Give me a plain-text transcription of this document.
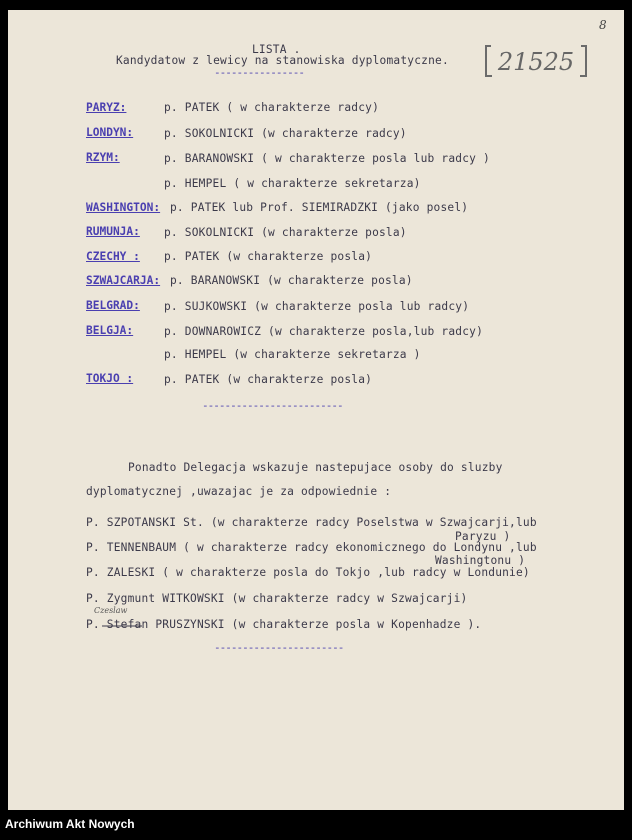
8
21525
LISTA .
Kandydatow z lewicy na stanowiska dyplomatyczne.
----------------
PARYZ:	p. PATEK ( w charakterze radcy)
LONDYN:	p. SOKOLNICKI (w charakterze radcy)
RZYM:	p. BARANOWSKI ( w charakterze posla lub radcy )
p. HEMPEL ( w charakterze sekretarza)
WASHINGTON: p. PATEK lub Prof. SIEMIRADZKI (jako posel)
RUMUNJA: p. SOKOLNICKI (w charakterze posla)
CZECHY : p. PATEK (w charakterze posla)
SZWAJCARJA: p. BARANOWSKI (w charakterze posla)
BELGRAD: p. SUJKOWSKI (w charakterze posla lub radcy)
BELGJA:	p. DOWNAROWICZ (w charakterze posla,lub radcy)
p. HEMPEL (w charakterze sekretarza )
TOKJO :	p. PATEK (w charakterze posla)
-------------------------
Ponadto Delegacja wskazuje nastepujace osoby do sluzby
dyplomatycznej ,uwazajac je za odpowiednie :
P. SZPOTANSKI St. (w charakterze radcy Poselstwa w Szwajcarji,lub
Paryzu )
P. TENNENBAUM ( w charakterze radcy ekonomicznego do Londynu ,lub
Washingtonu )
P. ZALESKI ( w charakterze posla do Tokjo ,lub radcy w Londunie)
P. Zygmunt WITKOWSKI (w charakterze radcy w Szwajcarji)
Czeslaw
P. Stefan PRUSZYNSKI (w charakterze posla w Kopenhadze ).
-----------------------
Archiwum Akt Nowych
